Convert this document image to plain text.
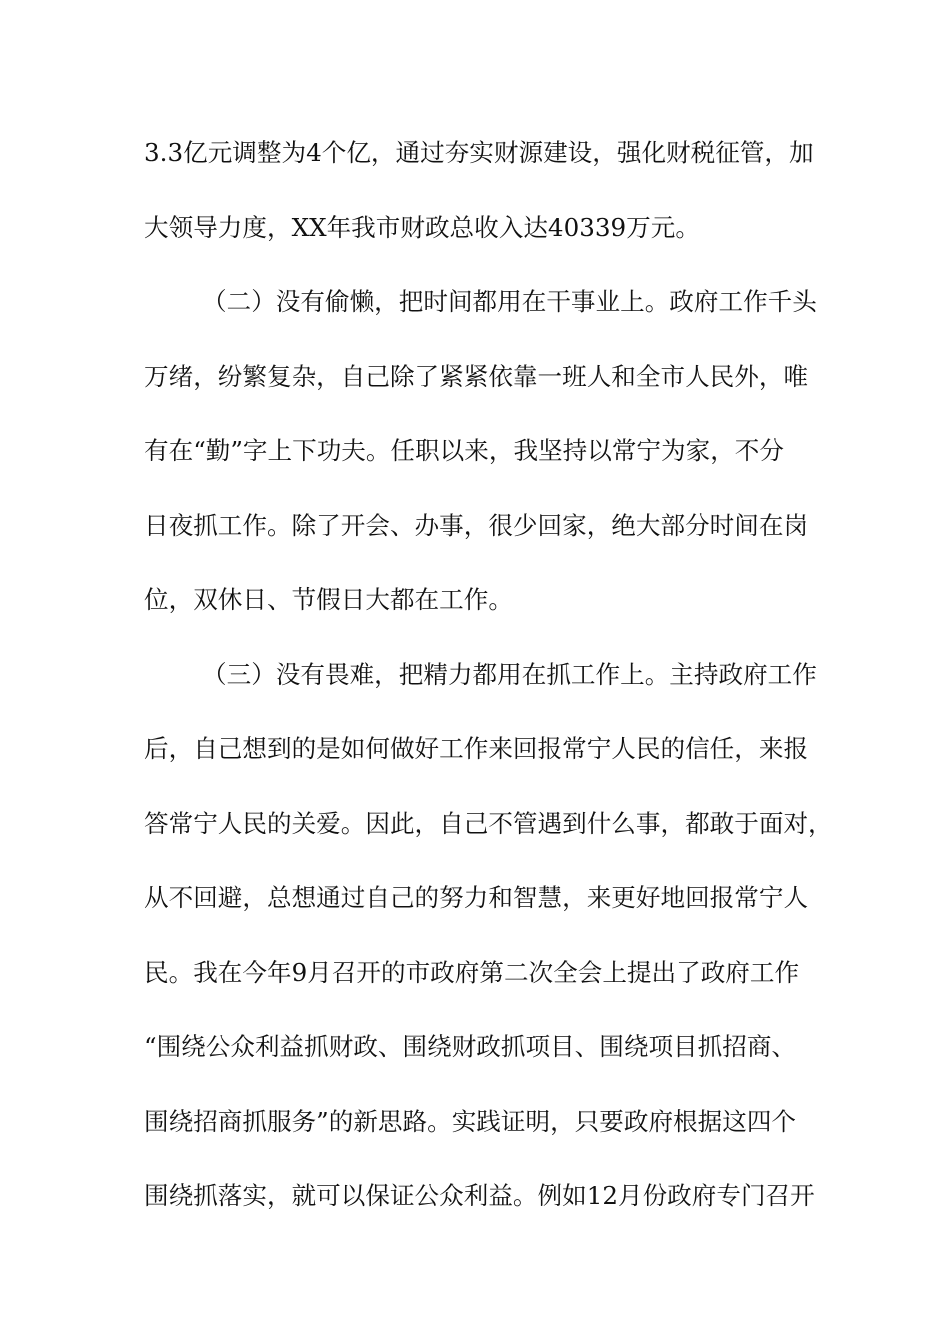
3.3亿元调整为4个亿，通过夯实财源建设，强化财税征管，加
大领导力度，XX年我市财政总收入达40339万元。
（二）没有偷懒，把时间都用在干事业上。政府工作千头
万绪，纷繁复杂，自己除了紧紧依靠一班人和全市人民外，唯
有在“勤”字上下功夫。任职以来，我坚持以常宁为家，不分
日夜抓工作。除了开会、办事，很少回家，绝大部分时间在岗
位，双休日、节假日大都在工作。
（三）没有畏难，把精力都用在抓工作上。主持政府工作
后，自己想到的是如何做好工作来回报常宁人民的信任，来报
答常宁人民的关爱。因此，自己不管遇到什么事，都敢于面对，
从不回避，总想通过自己的努力和智慧，来更好地回报常宁人
民。我在今年9月召开的市政府第二次全会上提出了政府工作
“围绕公众利益抓财政、围绕财政抓项目、围绕项目抓招商、
围绕招商抓服务”的新思路。实践证明，只要政府根据这四个
围绕抓落实，就可以保证公众利益。例如12月份政府专门召开
